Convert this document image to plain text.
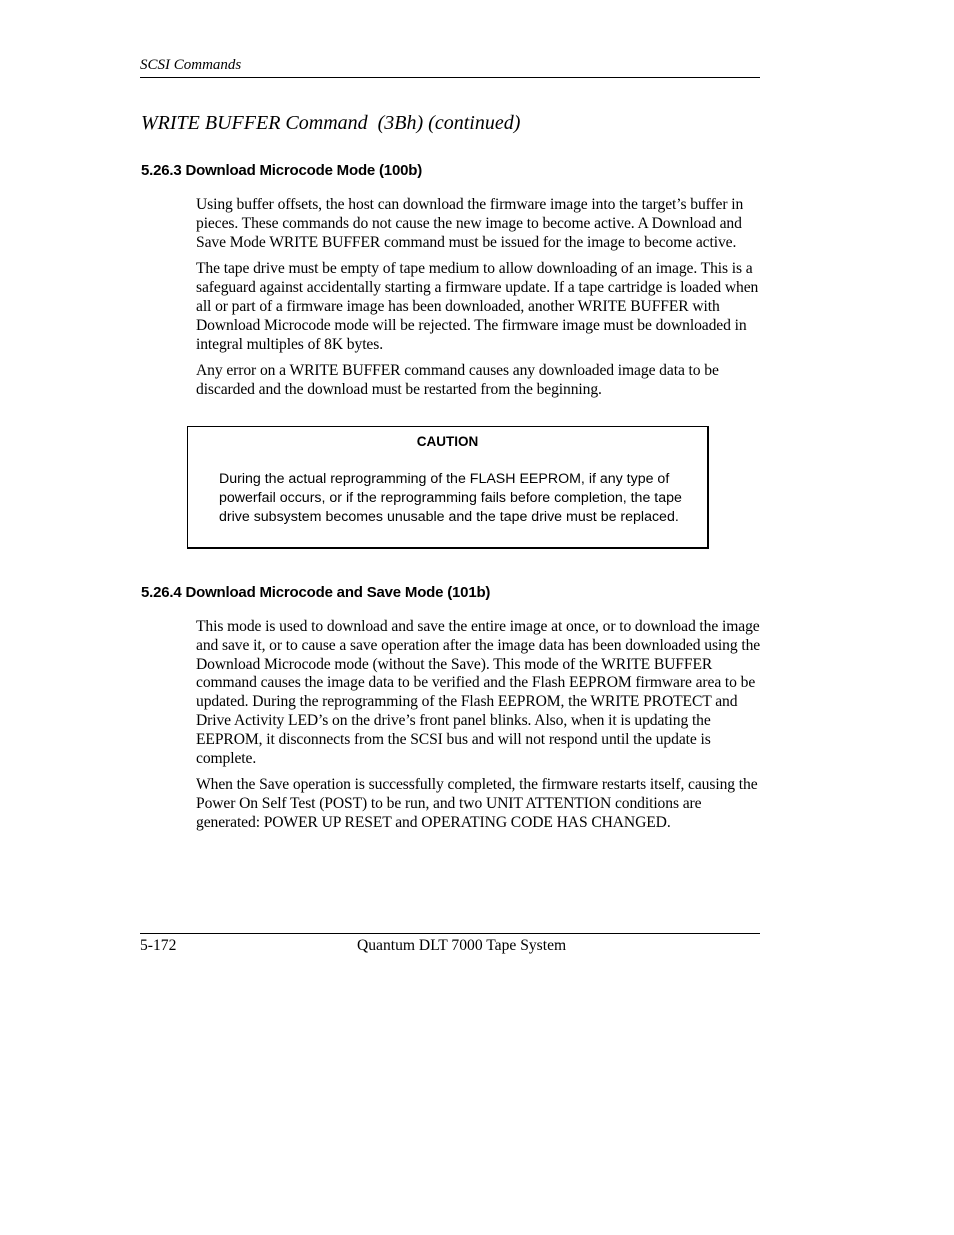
SCSI Commands
WRITE BUFFER Command  (3Bh) (continued)
5.26.3 Download Microcode Mode (100b)

Using buffer offsets, the host can download the firmware image into the target’s buffer in pieces. These commands do not cause the new image to become active. A Download and Save Mode WRITE BUFFER command must be issued for the image to become active.

The tape drive must be empty of tape medium to allow downloading of an image. This is a safeguard against accidentally starting a firmware update. If a tape cartridge is loaded when all or part of a firmware image has been downloaded, another WRITE BUFFER with Download Microcode mode will be rejected. The firmware image must be downloaded in integral multiples of 8K bytes.

Any error on a WRITE BUFFER command causes any downloaded image data to be discarded and the download must be restarted from the beginning.

CAUTION
During the actual reprogramming of the FLASH EEPROM, if any type of powerfail occurs, or if the reprogramming fails before completion, the tape drive subsystem becomes unusable and the tape drive must be replaced.
5.26.4 Download Microcode and Save Mode (101b)

This mode is used to download and save the entire image at once, or to download the image and save it, or to cause a save operation after the image data has been downloaded using the Download Microcode mode (without the Save). This mode of the WRITE BUFFER command causes the image data to be verified and the Flash EEPROM firmware area to be updated. During the reprogramming of the Flash EEPROM, the WRITE PROTECT and Drive Activity LED’s on the drive’s front panel blinks. Also, when it is updating the EEPROM, it disconnects from the SCSI bus and will not respond until the update is complete.

When the Save operation is successfully completed, the firmware restarts itself, causing the Power On Self Test (POST) to be run, and two UNIT ATTENTION conditions are generated: POWER UP RESET and OPERATING CODE HAS CHANGED.

5-172	Quantum DLT 7000 Tape System
